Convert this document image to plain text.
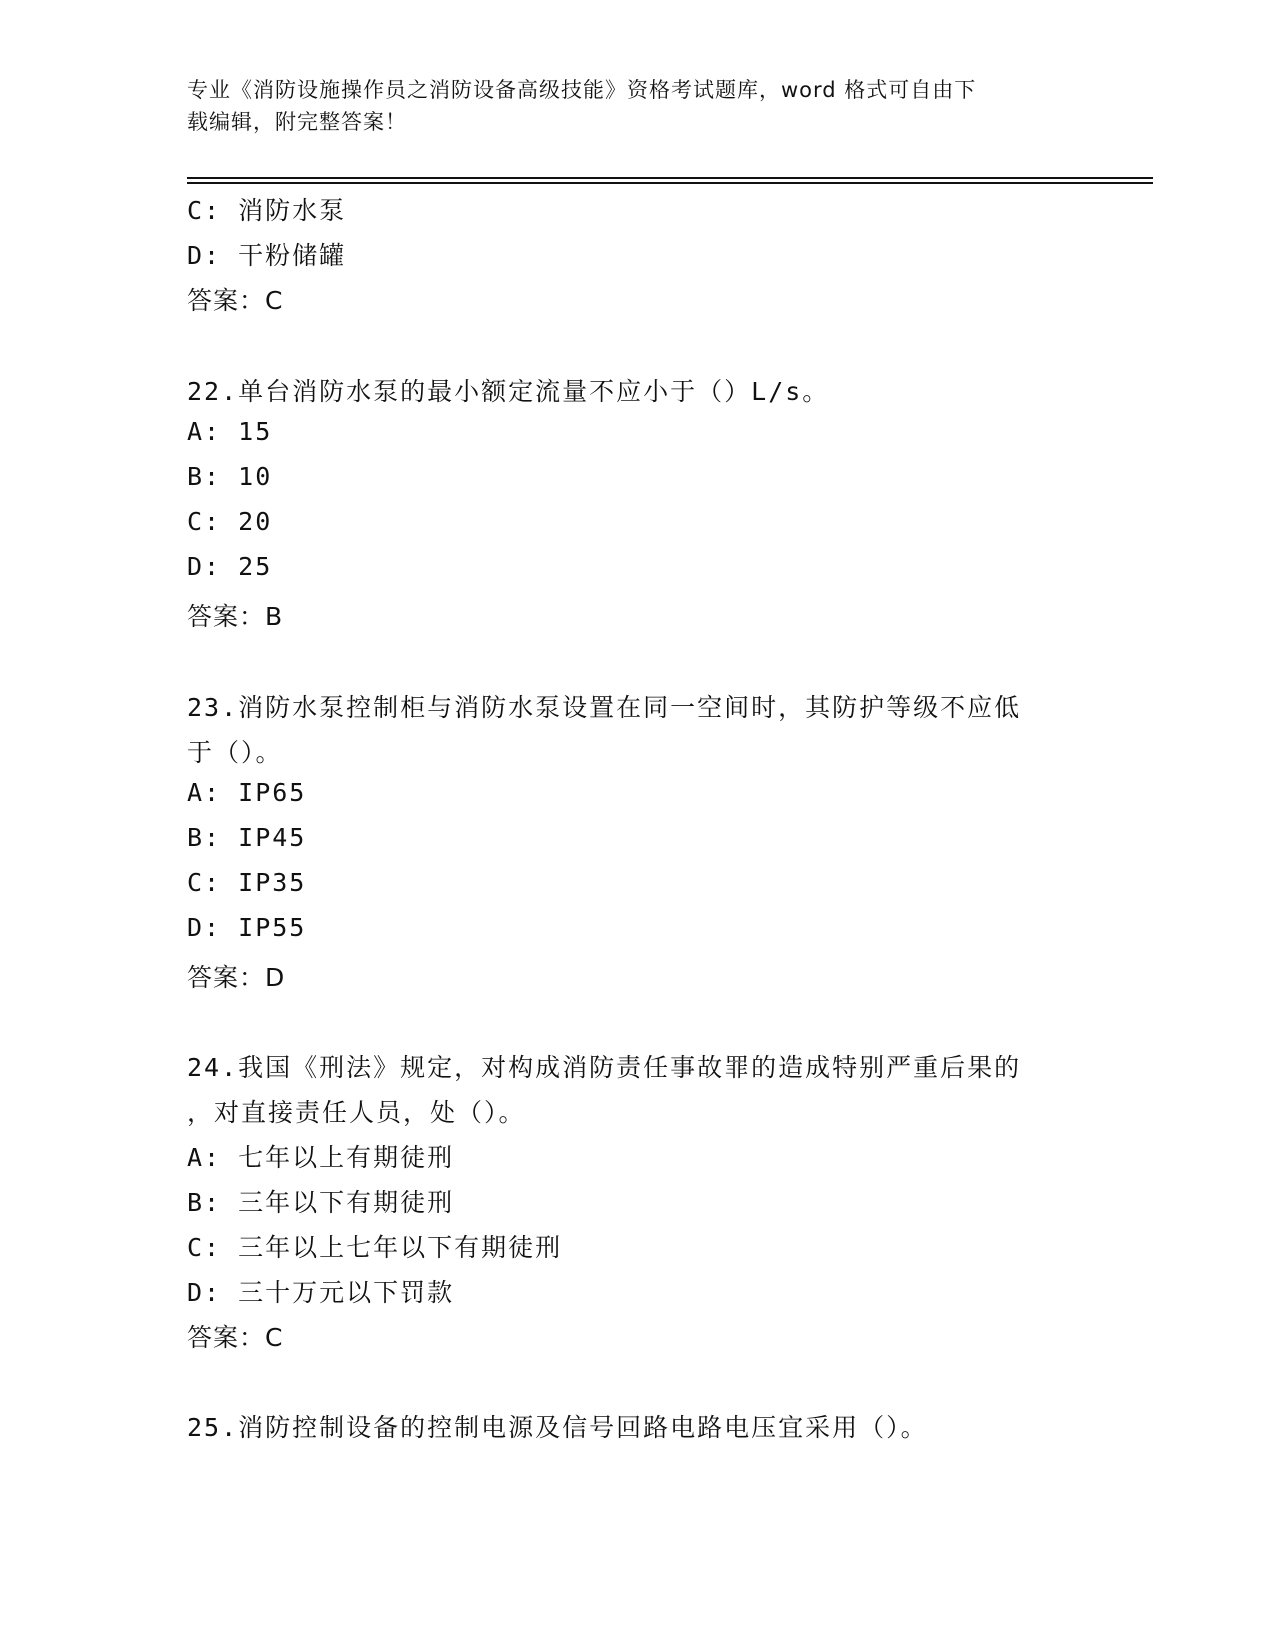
专业《消防设施操作员之消防设备高级技能》资格考试题库，word 格式可自由下
载编辑，附完整答案！
C: 消防水泵
D: 干粉储罐
答案：C
22.单台消防水泵的最小额定流量不应小于（）L/s。
A: 15
B: 10
C: 20
D: 25
答案：B
23.消防水泵控制柜与消防水泵设置在同一空间时，其防护等级不应低
于（）。
A: IP65
B: IP45
C: IP35
D: IP55
答案：D
24.我国《刑法》规定，对构成消防责任事故罪的造成特别严重后果的
，对直接责任人员，处（）。
A: 七年以上有期徒刑
B: 三年以下有期徒刑
C: 三年以上七年以下有期徒刑
D: 三十万元以下罚款
答案：C
25.消防控制设备的控制电源及信号回路电路电压宜采用（）。
